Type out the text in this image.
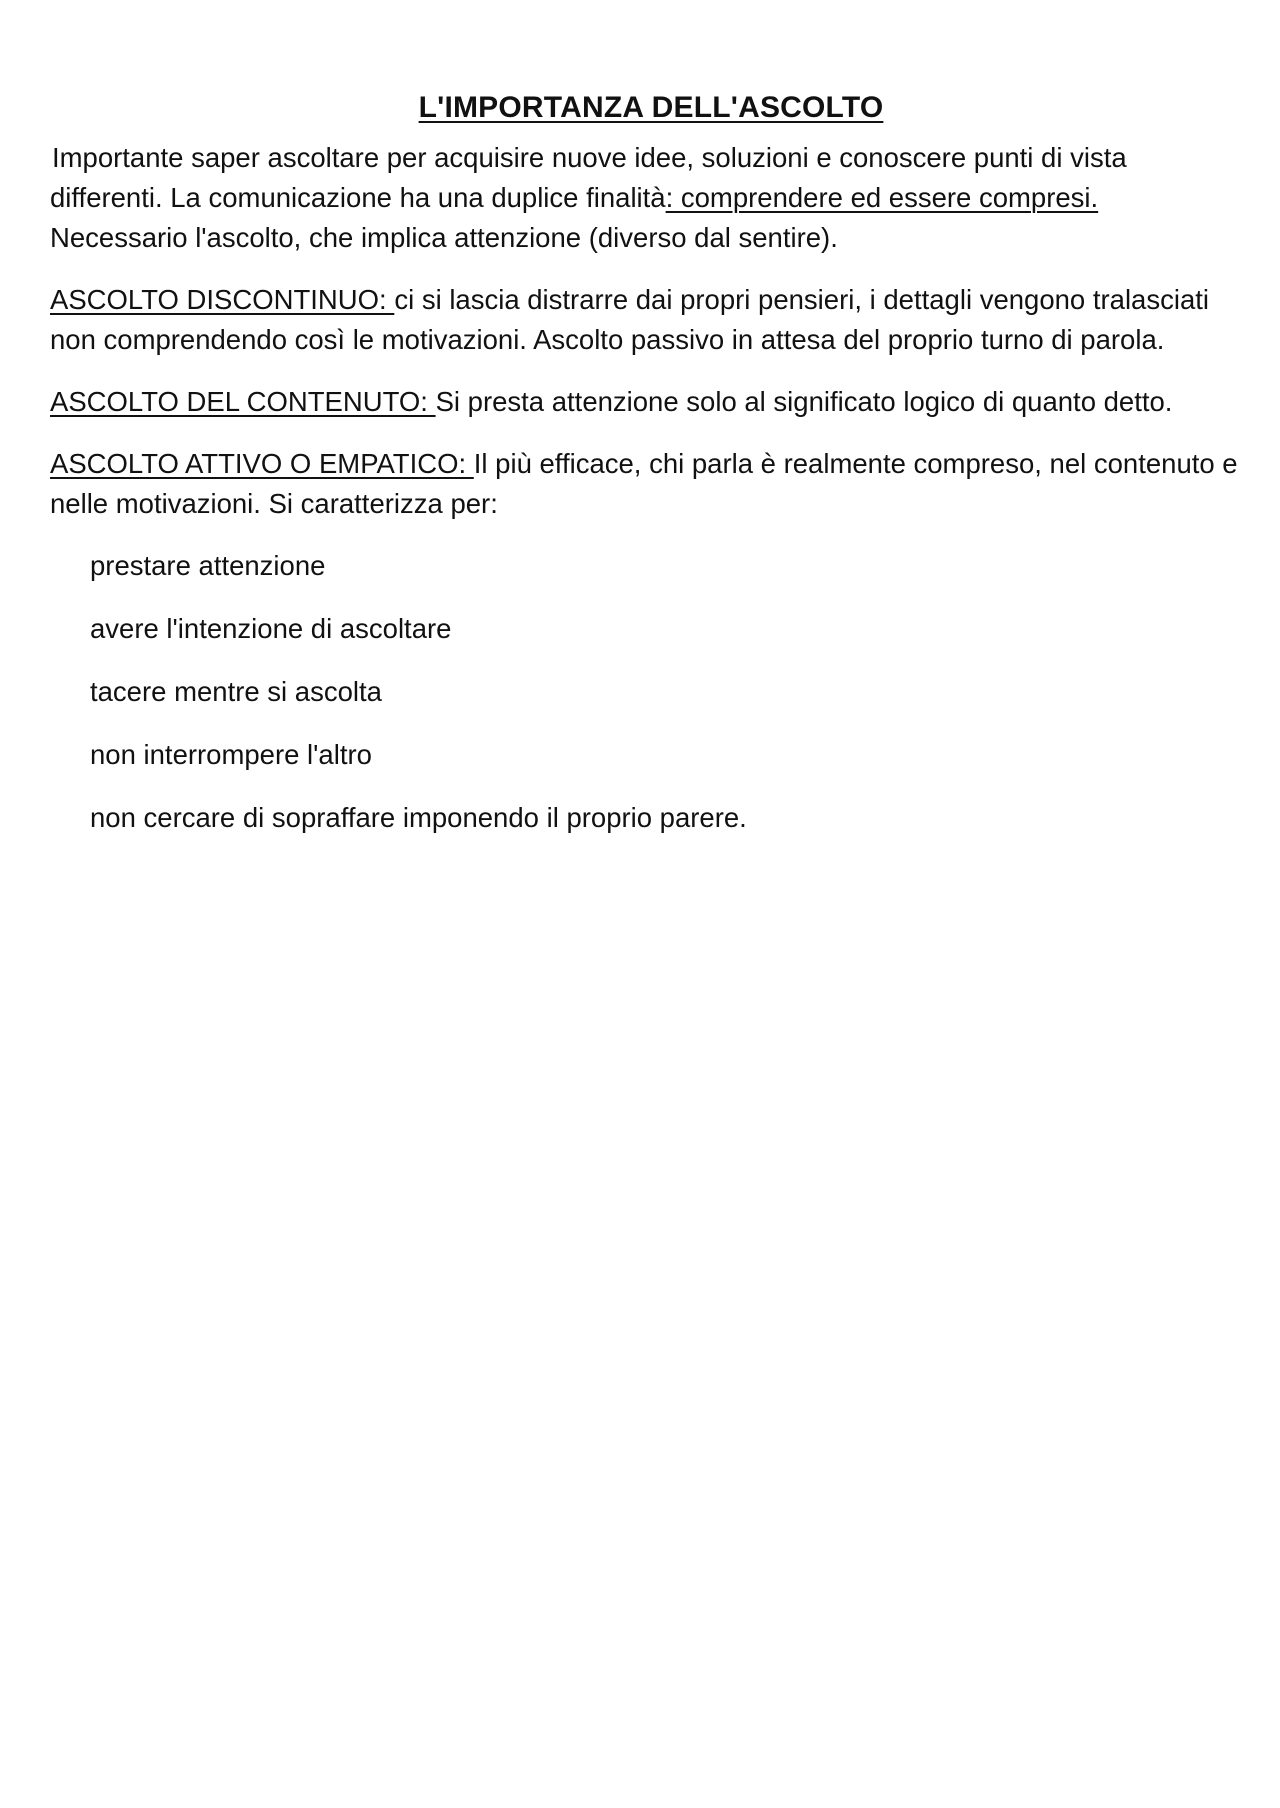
L'IMPORTANZA DELL'ASCOLTO

Importante saper ascoltare per acquisire nuove idee, soluzioni e conoscere punti di vista differenti. La comunicazione ha una duplice finalità: comprendere ed essere compresi. Necessario l'ascolto, che implica attenzione (diverso dal sentire).

ASCOLTO DISCONTINUO: ci si lascia distrarre dai propri pensieri, i dettagli vengono tralasciati non comprendendo così le motivazioni. Ascolto passivo in attesa del proprio turno di parola.

ASCOLTO DEL CONTENUTO: Si presta attenzione solo al significato logico di quanto detto.

ASCOLTO ATTIVO O EMPATICO: Il più efficace, chi parla è realmente compreso, nel contenuto e nelle motivazioni. Si caratterizza per:

prestare attenzione
avere l'intenzione di ascoltare
tacere mentre si ascolta
non interrompere l'altro
non cercare di sopraffare imponendo il proprio parere.
